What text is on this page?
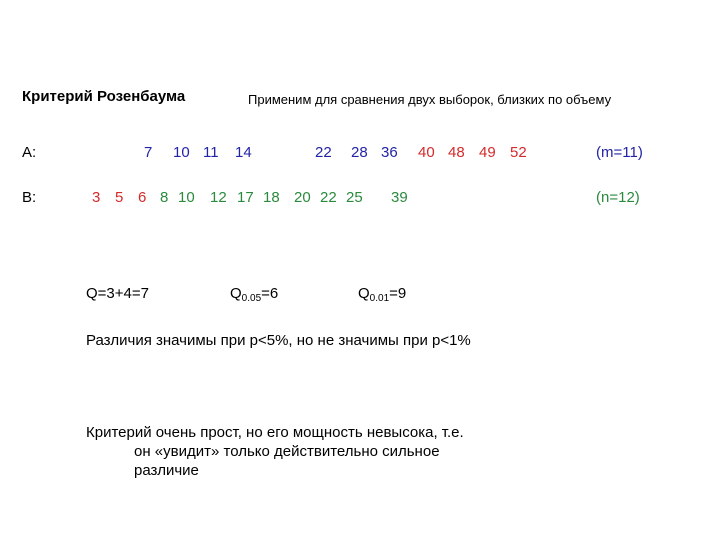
Критерий Розенбаума	Применим для сравнения двух выборок, близких по объему
A:	7 10 11 14	22 28 36 40 48 49 52	(m=11)
B:	3 5 6 8 10 12 17 18 20 22 25 39	(n=12)
Q=3+4=7	$Q_{0.05}=6$	$Q_{0.01}=9$
Различия значимы при p<5%, но не значимы при p<1%
Критерий очень прост, но его мощность невысока, т.е.
он «увидит» только действительно сильное
различие
